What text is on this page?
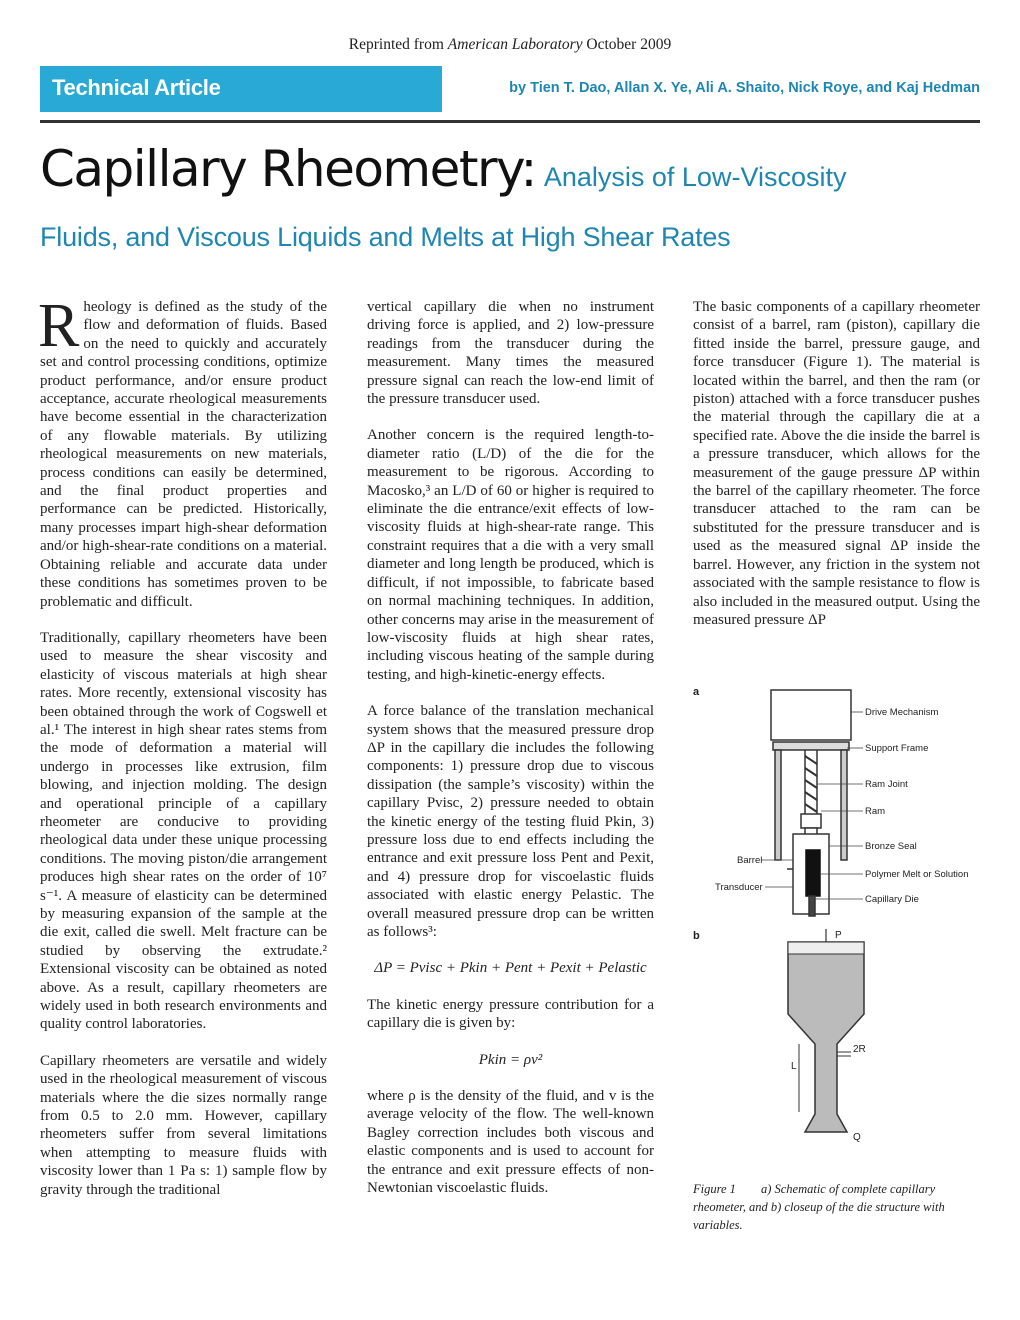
Reprinted from American Laboratory October 2009
Technical Article	by Tien T. Dao, Allan X. Ye, Ali A. Shaito, Nick Roye, and Kaj Hedman
Capillary Rheometry: Analysis of Low-Viscosity
Fluids, and Viscous Liquids and Melts at High Shear Rates

Rheology is defined as the study of the flow and deformation of fluids. Based on the need to quickly and accurately set and control processing conditions, optimize product performance, and/or ensure product acceptance, accurate rheological measurements have become essential in the characterization of any flowable materials. By utilizing rheological measurements on new materials, process conditions can easily be determined, and the final product properties and performance can be predicted. Historically, many processes impart high-shear deformation and/or high-shear-rate conditions on a material. Obtaining reliable and accurate data under these conditions has sometimes proven to be problematic and difficult.

Traditionally, capillary rheometers have been used to measure the shear viscosity and elasticity of viscous materials at high shear rates. More recently, extensional viscosity has been obtained through the work of Cogswell et al.¹ The interest in high shear rates stems from the mode of deformation a material will undergo in processes like extrusion, film blowing, and injection molding. The design and operational principle of a capillary rheometer are conducive to providing rheological data under these unique processing conditions. The moving piston/die arrangement produces high shear rates on the order of 10⁷ s⁻¹. A measure of elasticity can be determined by measuring expansion of the sample at the die exit, called die swell. Melt fracture can be studied by observing the extrudate.² Extensional viscosity can be obtained as noted above. As a result, capillary rheometers are widely used in both research environments and quality control laboratories.

Capillary rheometers are versatile and widely used in the rheological measurement of viscous materials where the die sizes normally range from 0.5 to 2.0 mm. However, capillary rheometers suffer from several limitations when attempting to measure fluids with viscosity lower than 1 Pa s: 1) sample flow by gravity through the traditional

vertical capillary die when no instrument driving force is applied, and 2) low-pressure readings from the transducer during the measurement. Many times the measured pressure signal can reach the low-end limit of the pressure transducer used.

Another concern is the required length-to-diameter ratio (L/D) of the die for the measurement to be rigorous. According to Macosko,³ an L/D of 60 or higher is required to eliminate the die entrance/exit effects of low-viscosity fluids at high-shear-rate range. This constraint requires that a die with a very small diameter and long length be produced, which is difficult, if not impossible, to fabricate based on normal machining techniques. In addition, other concerns may arise in the measurement of low-viscosity fluids at high shear rates, including viscous heating of the sample during testing, and high-kinetic-energy effects.

A force balance of the translation mechanical system shows that the measured pressure drop ΔP in the capillary die includes the following components: 1) pressure drop due to viscous dissipation (the sample’s viscosity) within the capillary Pvisc, 2) pressure needed to obtain the kinetic energy of the testing fluid Pkin, 3) pressure loss due to end effects including the entrance and exit pressure loss Pent and Pexit, and 4) pressure drop for viscoelastic fluids associated with elastic energy Pelastic. The overall measured pressure drop can be written as follows³:

ΔP = Pvisc + Pkin + Pent + Pexit + Pelastic

The kinetic energy pressure contribution for a capillary die is given by:

Pkin = ρv²

where ρ is the density of the fluid, and v is the average velocity of the flow. The well-known Bagley correction includes both viscous and elastic components and is used to account for the entrance and exit pressure effects of non-Newtonian viscoelastic fluids.

The basic components of a capillary rheometer consist of a barrel, ram (piston), capillary die fitted inside the barrel, pressure gauge, and force transducer (Figure 1). The material is located within the barrel, and then the ram (or piston) attached with a force transducer pushes the material through the capillary die at a specified rate. Above the die inside the barrel is a pressure transducer, which allows for the measurement of the gauge pressure ΔP within the barrel of the capillary rheometer. The force transducer attached to the ram can be substituted for the pressure transducer and is used as the measured signal ΔP inside the barrel. However, any friction in the system not associated with the sample resistance to flow is also included in the measured output. Using the measured pressure ΔP

a
b
Drive Mechanism
Support Frame
Ram Joint
Ram
Bronze Seal
Polymer Melt or Solution
Capillary Die
Barrel
Transducer
P
2R
L
Q
Figure 1 a) Schematic of complete capillary rheometer, and b) closeup of the die structure with variables.
